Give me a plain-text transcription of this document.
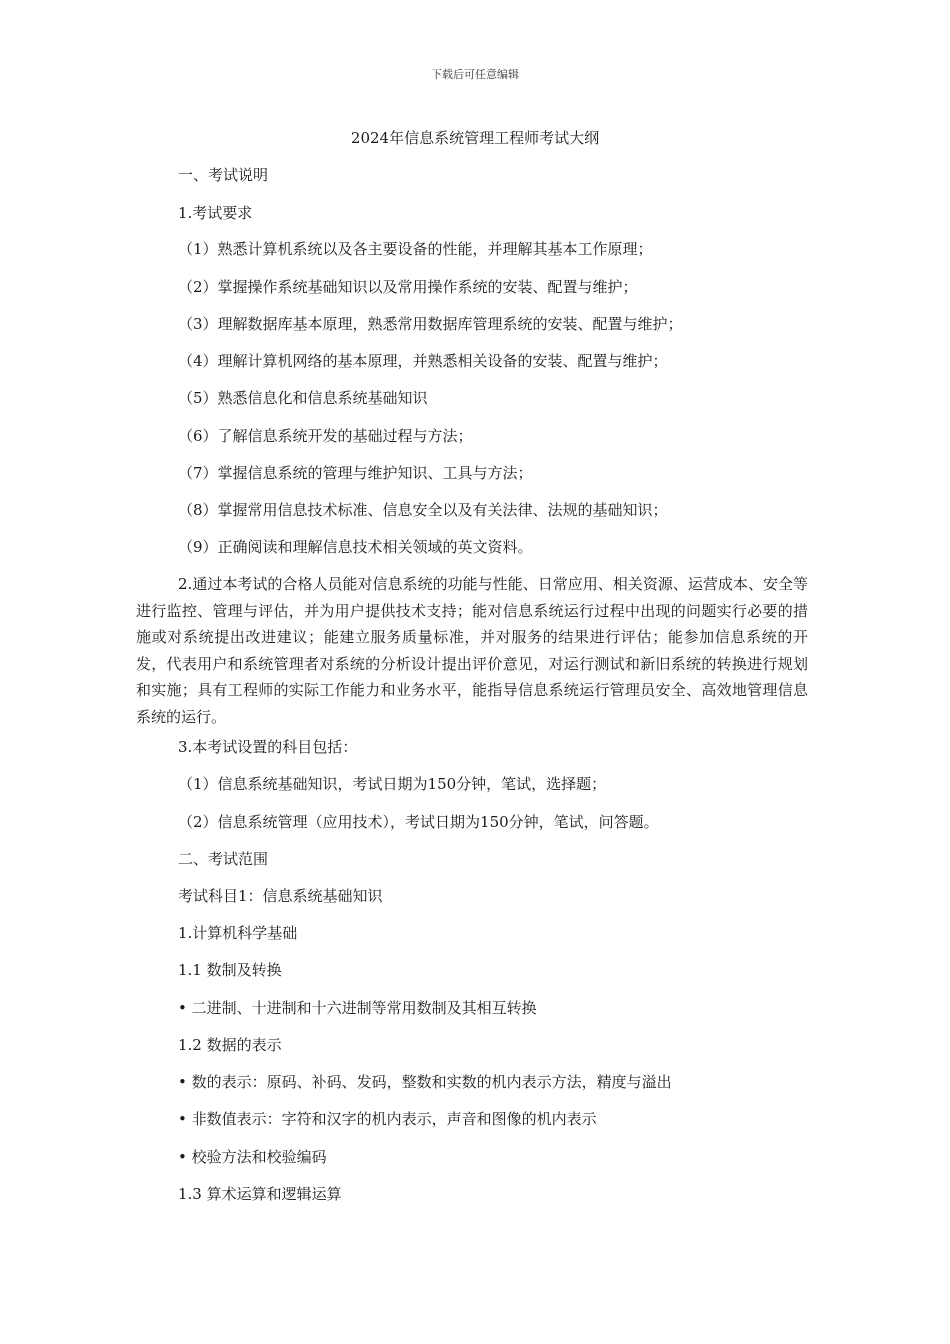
下载后可任意编辑
2024年信息系统管理工程师考试大纲
一、考试说明
1.考试要求
（1）熟悉计算机系统以及各主要设备的性能，并理解其基本工作原理；
（2）掌握操作系统基础知识以及常用操作系统的安装、配置与维护；
（3）理解数据库基本原理，熟悉常用数据库管理系统的安装、配置与维护；
（4）理解计算机网络的基本原理，并熟悉相关设备的安装、配置与维护；
（5）熟悉信息化和信息系统基础知识
（6）了解信息系统开发的基础过程与方法；
（7）掌握信息系统的管理与维护知识、工具与方法；
（8）掌握常用信息技术标准、信息安全以及有关法律、法规的基础知识；
（9）正确阅读和理解信息技术相关领域的英文资料。
2.通过本考试的合格人员能对信息系统的功能与性能、日常应用、相关资源、运营成本、安全等进行监控、管理与评估，并为用户提供技术支持；能对信息系统运行过程中出现的问题实行必要的措施或对系统提出改进建议；能建立服务质量标准，并对服务的结果进行评估；能参加信息系统的开发，代表用户和系统管理者对系统的分析设计提出评价意见，对运行测试和新旧系统的转换进行规划和实施；具有工程师的实际工作能力和业务水平，能指导信息系统运行管理员安全、高效地管理信息系统的运行。
3.本考试设置的科目包括：
（1）信息系统基础知识，考试日期为150分钟，笔试，选择题；
（2）信息系统管理（应用技术），考试日期为150分钟，笔试，问答题。
二、考试范围
考试科目1：信息系统基础知识
1.计算机科学基础
1.1 数制及转换
• 二进制、十进制和十六进制等常用数制及其相互转换
1.2 数据的表示
• 数的表示：原码、补码、发码，整数和实数的机内表示方法，精度与溢出
• 非数值表示：字符和汉字的机内表示，声音和图像的机内表示
• 校验方法和校验编码
1.3 算术运算和逻辑运算
